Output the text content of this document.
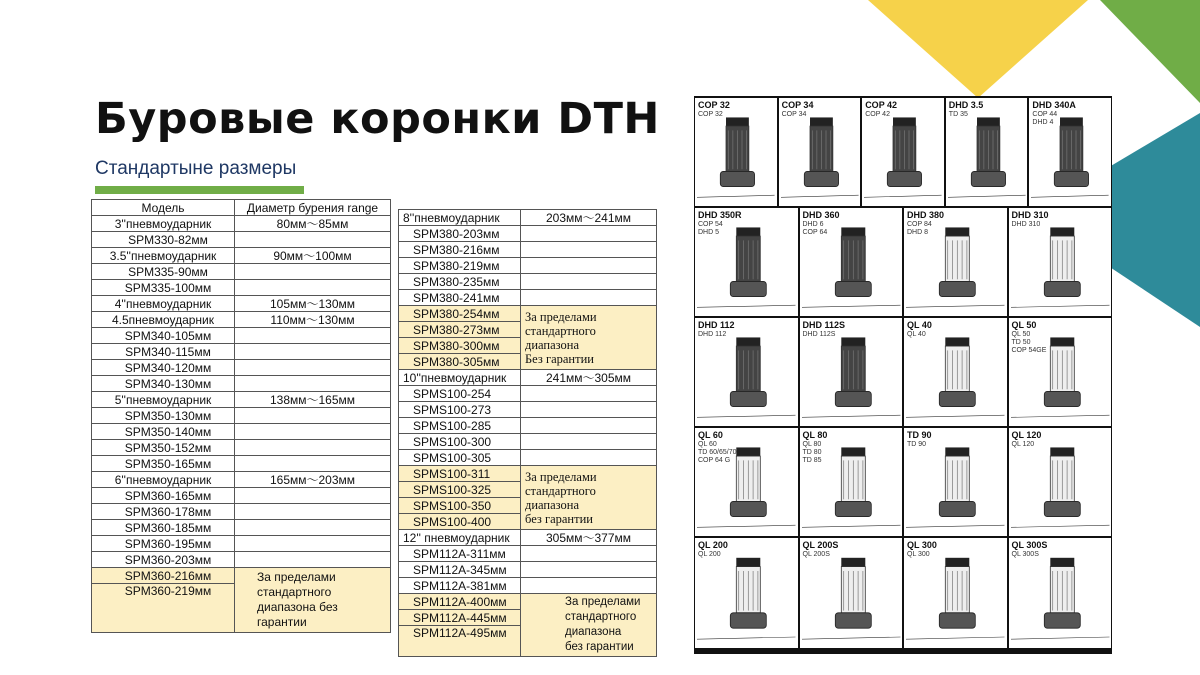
Буровые коронки DTH
Стандартыне размеры
Модель	Диаметр бурения range
3''пневмоударник	80мм～85мм
SPM330-82мм	
3.5''пневмоударник	90мм～100мм
SPM335-90мм	
SPM335-100мм	
4''пневмоударник	105мм～130мм
4.5пневмоударник	110мм～130мм
SPM340-105мм	
SPM340-115мм	
SPM340-120мм	
SPM340-130мм	
5''пневмоударник	138мм～165мм
SPM350-130мм	
SPM350-140мм	
SPM350-152мм	
SPM350-165мм	
6''пневмоударник	165мм～203мм
SPM360-165мм	
SPM360-178мм	
SPM360-185мм	
SPM360-195мм	
SPM360-203мм	
SPM360-216мм	За пределами
стандартного
диапазона без
гарантии

SPM360-219мм	
8''пневмоударник	203мм～241мм
SPM380-203мм	
SPM380-216мм	
SPM380-219мм	
SPM380-235мм	
SPM380-241мм	
SPM380-254мм	За пределами
стандартного диапазона
Без гарантии

SPM380-273мм	
SPM380-300мм	
SPM380-305мм	
10''пневмоударник	241мм～305мм
SPMS100-254	
SPMS100-273	
SPMS100-285	
SPMS100-300	
SPMS100-305	
SPMS100-311	За пределами
стандартного диапазона
без гарантии

SPMS100-325	
SPMS100-350	
SPMS100-400	
12'' пневмоударник	305мм～377мм
SPM112A-311мм	
SPM112A-345мм	
SPM112A-381мм	
SPM112A-400мм	За пределами
стандартного
диапазона
без гарантии

SPM112A-445мм	
SPM112A-495мм	
COP 32
COP 32
COP 34
COP 34
COP 42
COP 42
DHD 3.5
TD 35
DHD 340A
COP 44
DHD 4
DHD 350R
COP 54
DHD 5
DHD 360
DHD 6
COP 64
DHD 380
COP 84
DHD 8
DHD 310
DHD 310
DHD 112
DHD 112
DHD 112S
DHD 112S
QL 40
QL 40
QL 50
QL 50
TD 50
COP 54GE
QL 60
QL 60
TD 60/65/70
COP 64 G
QL 80
QL 80
TD 80
TD 85
TD 90
TD 90
QL 120
QL 120
QL 200
QL 200
QL 200S
QL 200S
QL 300
QL 300
QL 300S
QL 300S
